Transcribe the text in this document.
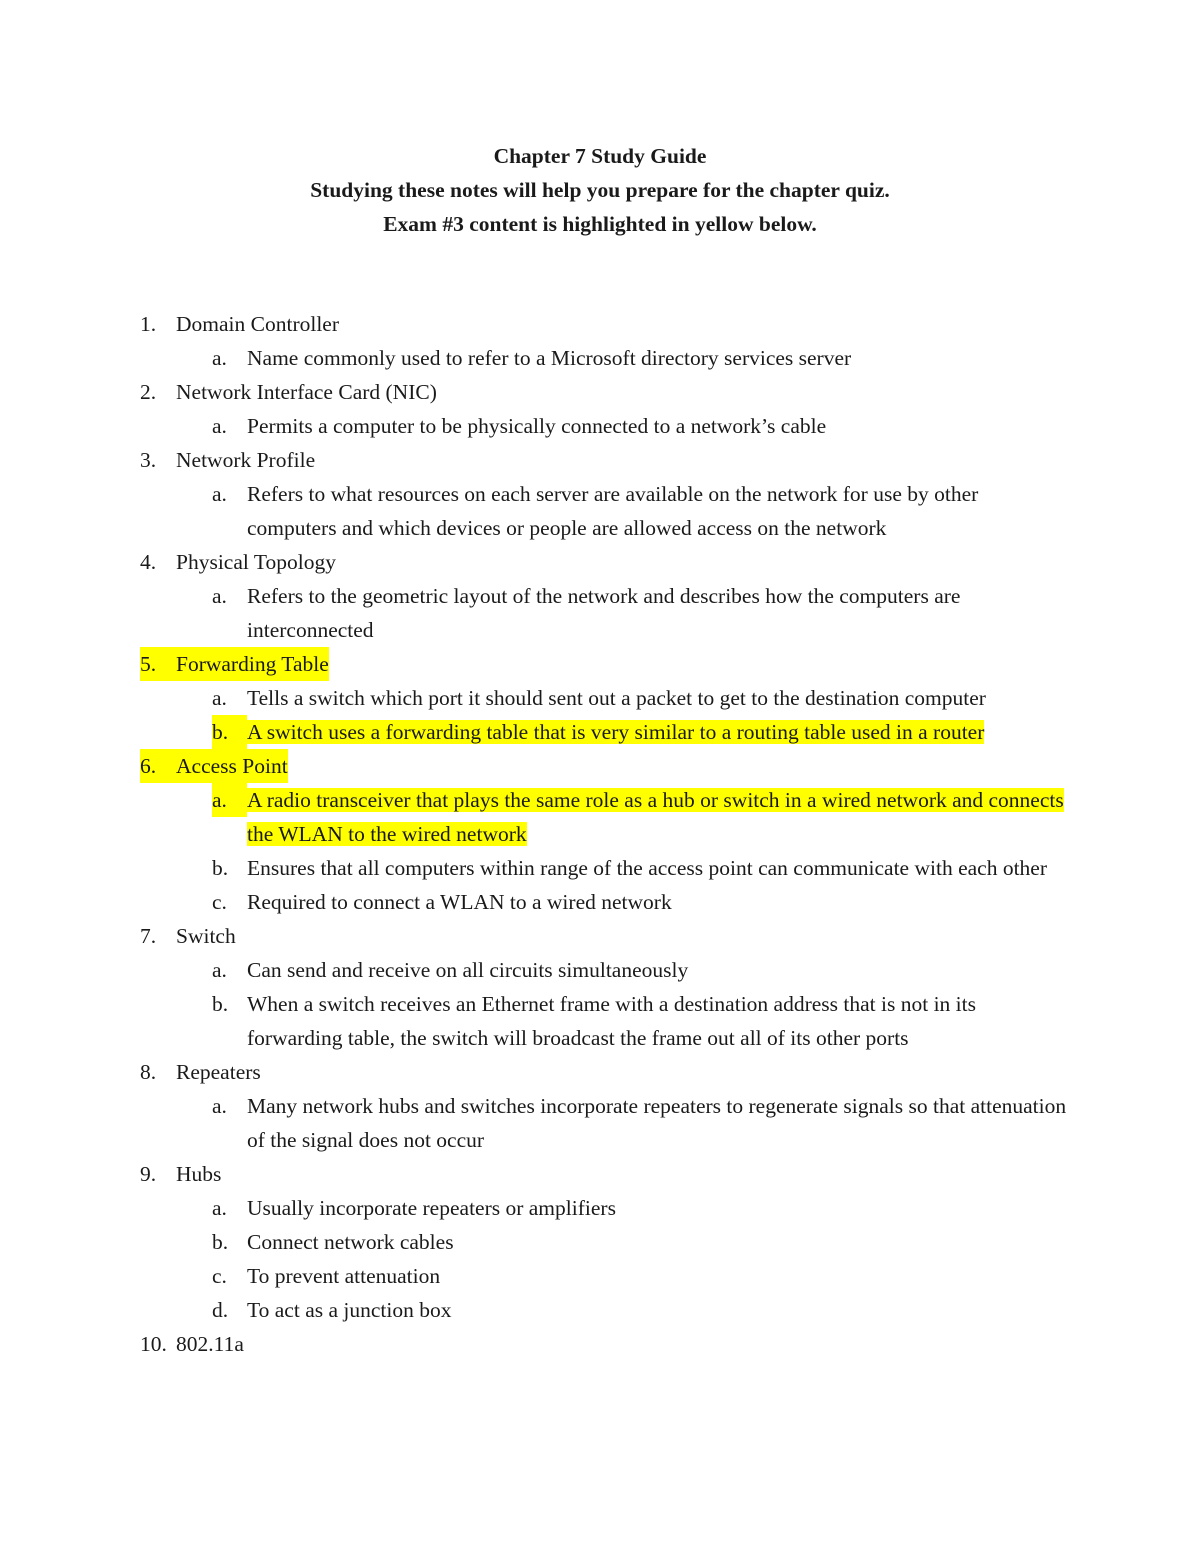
Chapter 7 Study Guide
Studying these notes will help you prepare for the chapter quiz.
Exam #3 content is highlighted in yellow below.
1. Domain Controller
a. Name commonly used to refer to a Microsoft directory services server
2. Network Interface Card (NIC)
a. Permits a computer to be physically connected to a network’s cable
3. Network Profile
a. Refers to what resources on each server are available on the network for use by other computers and which devices or people are allowed access on the network
4. Physical Topology
a. Refers to the geometric layout of the network and describes how the computers are interconnected
5. Forwarding Table
a. Tells a switch which port it should sent out a packet to get to the destination computer
b. A switch uses a forwarding table that is very similar to a routing table used in a router
6. Access Point
a. A radio transceiver that plays the same role as a hub or switch in a wired network and connects the WLAN to the wired network
b. Ensures that all computers within range of the access point can communicate with each other
c. Required to connect a WLAN to a wired network
7. Switch
a. Can send and receive on all circuits simultaneously
b. When a switch receives an Ethernet frame with a destination address that is not in its forwarding table, the switch will broadcast the frame out all of its other ports
8. Repeaters
a. Many network hubs and switches incorporate repeaters to regenerate signals so that attenuation of the signal does not occur
9. Hubs
a. Usually incorporate repeaters or amplifiers
b. Connect network cables
c. To prevent attenuation
d. To act as a junction box
10. 802.11a
